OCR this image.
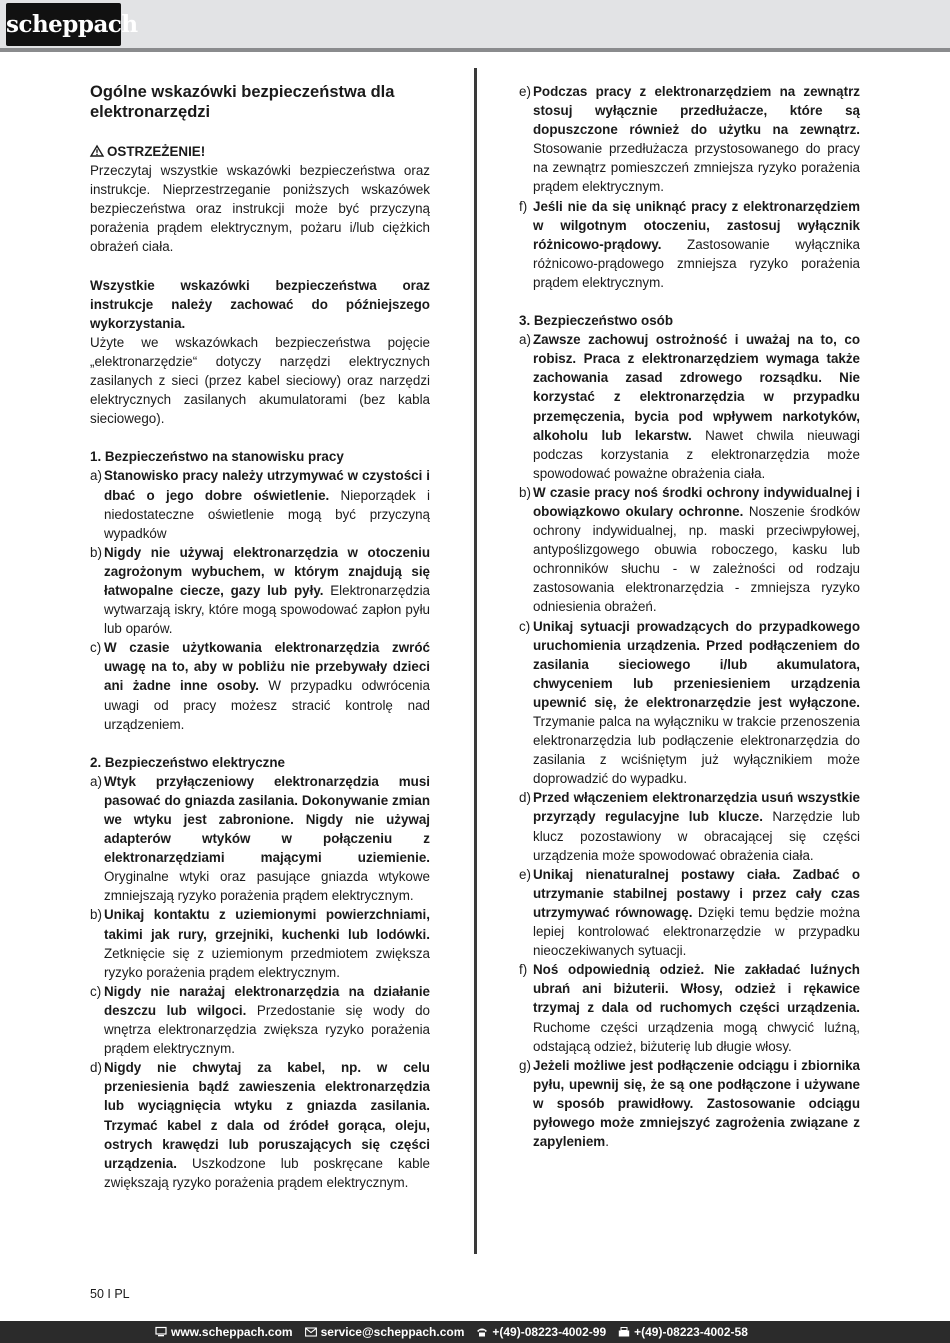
scheppach
Ogólne wskazówki bezpieczeństwa dla elektronarzędzi
OSTRZEŻENIE!

Przeczytaj wszystkie wskazówki bezpieczeństwa oraz instrukcje. Nieprzestrzeganie poniższych wskazówek bezpieczeństwa oraz instrukcji może być przyczyną porażenia prądem elektrycznym, pożaru i/lub ciężkich obrażeń ciała.

Wszystkie wskazówki bezpieczeństwa oraz instrukcje należy zachować do późniejszego wykorzystania.

Użyte we wskazówkach bezpieczeństwa pojęcie „elektronarzędzie“ dotyczy narzędzi elektrycznych zasilanych z sieci (przez kabel sieciowy) oraz narzędzi elektrycznych zasilanych akumulatorami (bez kabla sieciowego).

1. Bezpieczeństwo na stanowisku pracy

a) Stanowisko pracy należy utrzymywać w czystości i dbać o jego dobre oświetlenie. Nieporządek i niedostateczne oświetlenie mogą być przyczyną wypadków
b) Nigdy nie używaj elektronarzędzia w otoczeniu zagrożonym wybuchem, w którym znajdują się łatwopalne ciecze, gazy lub pyły. Elektronarzędzia wytwarzają iskry, które mogą spowodować zapłon pyłu lub oparów.
c) W czasie użytkowania elektronarzędzia zwróć uwagę na to, aby w pobliżu nie przebywały dzieci ani żadne inne osoby. W przypadku odwrócenia uwagi od pracy możesz stracić kontrolę nad urządzeniem.

2. Bezpieczeństwo elektryczne

a) Wtyk przyłączeniowy elektronarzędzia musi pasować do gniazda zasilania. Dokonywanie zmian we wtyku jest zabronione. Nigdy nie używaj adapterów wtyków w połączeniu z elektronarzędziami mającymi uziemienie. Oryginalne wtyki oraz pasujące gniazda wtykowe zmniejszają ryzyko porażenia prądem elektrycznym.
b) Unikaj kontaktu z uziemionymi powierzchniami, takimi jak rury, grzejniki, kuchenki lub lodówki. Zetknięcie się z uziemionym przedmiotem zwiększa ryzyko porażenia prądem elektrycznym.
c) Nigdy nie narażaj elektronarzędzia na działanie deszczu lub wilgoci. Przedostanie się wody do wnętrza elektronarzędzia zwiększa ryzyko porażenia prądem elektrycznym.
d) Nigdy nie chwytaj za kabel, np. w celu przeniesienia bądź zawieszenia elektronarzędzia lub wyciągnięcia wtyku z gniazda zasilania. Trzymać kabel z dala od źródeł gorąca, oleju, ostrych krawędzi lub poruszających się części urządzenia. Uszkodzone lub poskręcane kable zwiększają ryzyko porażenia prądem elektrycznym.
e) Podczas pracy z elektronarzędziem na zewnątrz stosuj wyłącznie przedłużacze, które są dopuszczone również do użytku na zewnątrz. Stosowanie przedłużacza przystosowanego do pracy na zewnątrz pomieszczeń zmniejsza ryzyko porażenia prądem elektrycznym.
f) Jeśli nie da się uniknąć pracy z elektronarzędziem w wilgotnym otoczeniu, zastosuj wyłącznik różnicowo-prądowy. Zastosowanie wyłącznika różnicowo-prądowego zmniejsza ryzyko porażenia prądem elektrycznym.

3. Bezpieczeństwo osób

a) Zawsze zachowuj ostrożność i uważaj na to, co robisz. Praca z elektronarzędziem wymaga także zachowania zasad zdrowego rozsądku. Nie korzystać z elektronarzędzia w przypadku przemęczenia, bycia pod wpływem narkotyków, alkoholu lub lekarstw. Nawet chwila nieuwagi podczas korzystania z elektronarzędzia może spowodować poważne obrażenia ciała.
b) W czasie pracy noś środki ochrony indywidualnej i obowiązkowo okulary ochronne. Noszenie środków ochrony indywidualnej, np. maski przeciwpyłowej, antypoślizgowego obuwia roboczego, kasku lub ochronników słuchu - w zależności od rodzaju zastosowania elektronarzędzia - zmniejsza ryzyko odniesienia obrażeń.
c) Unikaj sytuacji prowadzących do przypadkowego uruchomienia urządzenia. Przed podłączeniem do zasilania sieciowego i/lub akumulatora, chwyceniem lub przeniesieniem urządzenia upewnić się, że elektronarzędzie jest wyłączone. Trzymanie palca na wyłączniku w trakcie przenoszenia elektronarzędzia lub podłączenie elektronarzędzia do zasilania z wciśniętym już wyłącznikiem może doprowadzić do wypadku.
d) Przed włączeniem elektronarzędzia usuń wszystkie przyrządy regulacyjne lub klucze. Narzędzie lub klucz pozostawiony w obracającej się części urządzenia może spowodować obrażenia ciała.
e) Unikaj nienaturalnej postawy ciała. Zadbać o utrzymanie stabilnej postawy i przez cały czas utrzymywać równowagę. Dzięki temu będzie można lepiej kontrolować elektronarzędzie w przypadku nieoczekiwanych sytuacji.
f) Noś odpowiednią odzież. Nie zakładać luźnych ubrań ani biżuterii. Włosy, odzież i rękawice trzymaj z dala od ruchomych części urządzenia. Ruchome części urządzenia mogą chwycić luźną, odstającą odzież, biżuterię lub długie włosy.
g) Jeżeli możliwe jest podłączenie odciągu i zbiornika pyłu, upewnij się, że są one podłączone i używane w sposób prawidłowy. Zastosowanie odciągu pyłowego może zmniejszyć zagrożenia związane z zapyleniem.
50 I PL
www.scheppach.com service@scheppach.com +(49)-08223-4002-99 +(49)-08223-4002-58
